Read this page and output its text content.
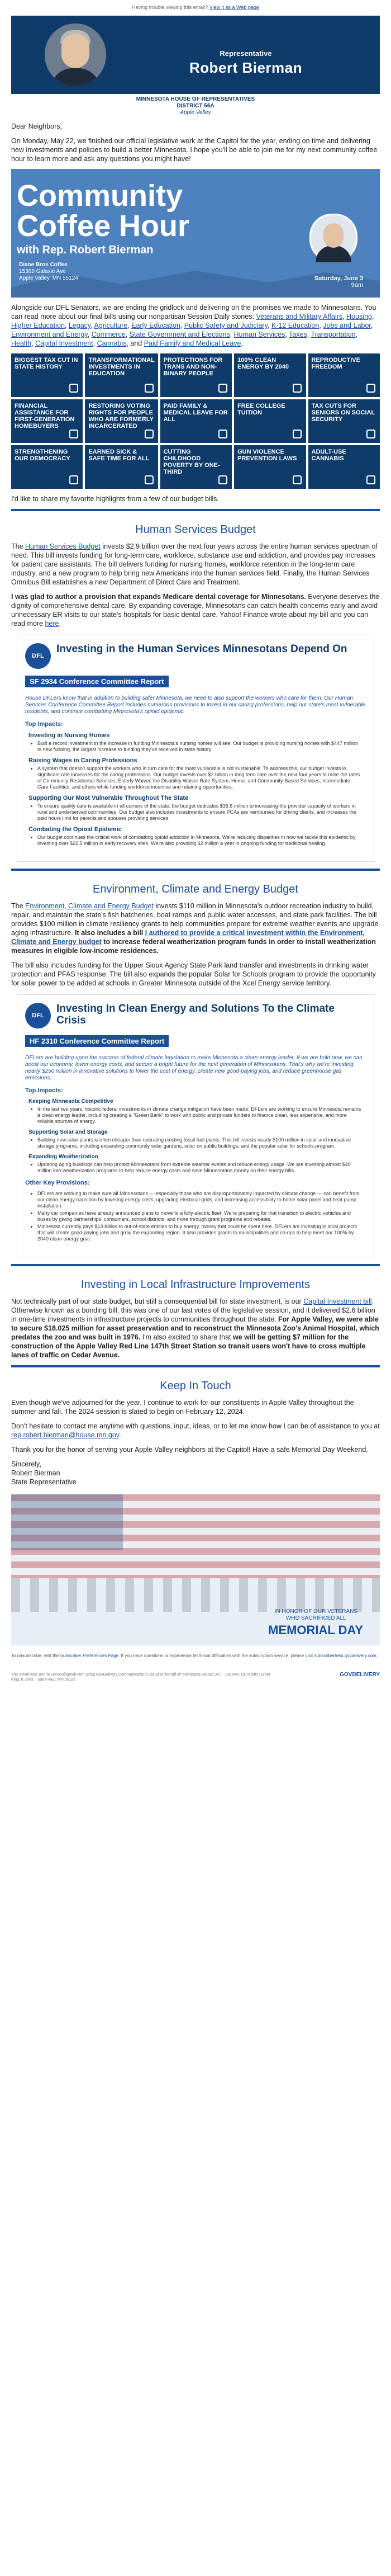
Having trouble viewing this email? View it as a Web page
Representative
Robert Bierman
MINNESOTA HOUSE OF REPRESENTATIVES
DISTRICT 56A
Apple Valley

Dear Neighbors,

On Monday, May 22, we finished our official legislative work at the Capitol for the year, ending on time and delivering new investments and policies to build a better Minnesota. I hope you'll be able to join me for my next community coffee hour to learn more and ask any questions you might have!

Community
Coffee Hour
with Rep. Robert Bierman
Diane Bros Coffee
15365 Galaxie Ave
Apple Valley, MN 55124	Saturday, June 3
9am

Alongside our DFL Senators, we are ending the gridlock and delivering on the promises we made to Minnesotans. You can read more about our final bills using our nonpartisan Session Daily stories: Veterans and Military Affairs, Housing, Higher Education, Legacy, Agriculture, Early Education, Public Safety and Judiciary, K-12 Education, Jobs and Labor, Environment and Energy, Commerce, State Government and Elections, Human Services, Taxes, Transportation, Health, Capital Investment, Cannabis, and Paid Family and Medical Leave.

BIGGEST TAX CUT IN STATE HISTORY
TRANSFORMATIONAL INVESTMENTS IN EDUCATION
PROTECTIONS FOR TRANS AND NON-BINARY PEOPLE
100% CLEAN ENERGY BY 2040
REPRODUCTIVE FREEDOM
FINANCIAL ASSISTANCE FOR FIRST-GENERATION HOMEBUYERS
RESTORING VOTING RIGHTS FOR PEOPLE WHO ARE FORMERLY INCARCERATED
PAID FAMILY & MEDICAL LEAVE FOR ALL
FREE COLLEGE TUITION
TAX CUTS FOR SENIORS ON SOCIAL SECURITY
STRENGTHENING OUR DEMOCRACY
EARNED SICK & SAFE TIME FOR ALL
CUTTING CHILDHOOD POVERTY BY ONE-THIRD
GUN VIOLENCE PREVENTION LAWS
ADULT-USE CANNABIS

I'd like to share my favorite highlights from a few of our budget bills.

Human Services Budget

The Human Services Budget invests $2.9 billion over the next four years across the entire human services spectrum of need. This bill invests funding for long-term care, workforce, substance use and addiction, and provides pay increases for patient care assistants. The bill delivers funding for nursing homes, workforce retention in the long-term care industry, and a new program to help bring new Americans into the human services field. Finally, the Human Services Omnibus Bill establishes a new Department of Direct Care and Treatment.

I was glad to author a provision that expands Medicare dental coverage for Minnesotans. Everyone deserves the dignity of comprehensive dental care. By expanding coverage, Minnesotans can catch health concerns early and avoid unnecessary ER visits to our state's hospitals for basic dental care. Yahoo! Finance wrote about my bill and you can read more here.

DFL
Investing in the Human Services Minnesotans Depend On
SF 2934 Conference Committee Report
House DFLers know that in addition to building safer Minnesota, we need to also support the workers who care for them. Our Human Services Conference Committee Report includes numerous provisions to invest in our caring professions, help our state's most vulnerable residents, and continue combatting Minnesota's opioid epidemic.
Top Impacts:
Investing in Nursing Homes
• Built a record investment in the increase in funding Minnesota's nursing homes will see. Our budget is providing nursing homes with $447 million in new funding, the largest increase to funding they've received in state history.
Raising Wages in Caring Professions
• A system that doesn't support the workers who in turn care for the most vulnerable is not sustainable. To address this, our budget invests in significant rate increases for the caring professions. Our budget invests over $2 billion in long term care over the next four years to raise the rates of Community Residential Services, Elderly Waiver, the Disability Waiver Rate System, Home- and Community-Based Services, Intermediate Care Facilities, and others while funding workforce incentive and retaining opportunities.
Supporting Our Most Vulnerable Throughout The State
• To ensure quality care is available in all corners of the state, the budget dedicates $36.6 million to increasing the provider capacity of workers in rural and underserved communities. Our budget also includes investments to ensure PCAs are reimbursed for driving clients, and increases the paid hours limit for parents and spouses providing services.
Combating the Opioid Epidemic
• Our budget continues the critical work of combatting opioid addiction in Minnesota. We're reducing disparities in how we tackle this epidemic by investing over $22.5 million in early recovery sites. We're also providing $2 million a year in ongoing funding for traditional healing.
Environment, Climate and Energy Budget

The Environment, Climate and Energy Budget invests $110 million in Minnesota's outdoor recreation industry to build, repair, and maintain the state's fish hatcheries, boat ramps and public water accesses, and state park facilities. The bill provides $100 million in climate resiliency grants to help communities prepare for extreme weather events and upgrade aging infrastructure. It also includes a bill I authored to provide a critical investment within the Environment, Climate and Energy budget to increase federal weatherization program funds in order to install weatherization measures in eligible low-income residences.

The bill also includes funding for the Upper Sioux Agency State Park land transfer and investments in drinking water protection and PFAS response. The bill also expands the popular Solar for Schools program to provide the opportunity for solar power to be added at schools in Greater Minnesota outside of the Xcel Energy service territory.

DFL
Investing In Clean Energy and Solutions To the Climate Crisis
HF 2310 Conference Committee Report
DFLers are building upon the success of federal climate legislation to make Minnesota a clean-energy leader. If we are bold now, we can boost our economy, lower energy costs, and secure a bright future for the next generation of Minnesotans. That's why we're investing nearly $250 million in innovative solutions to lower the cost of energy, create new good-paying jobs, and reduce greenhouse gas emissions.
Top Impacts:
Keeping Minnesota Competitive
• In the last two years, historic federal investments in climate change mitigation have been made. DFLers are working to ensure Minnesota remains a clean energy leader, including creating a "Green Bank" to work with public and private funders to finance clean, less expensive, and more reliable sources of energy.
Supporting Solar and Storage
• Building new solar plants is often cheaper than operating existing fossil fuel plants. This bill invests nearly $100 million in solar and innovative storage programs, including expanding community solar gardens, solar on public buildings, and the popular solar for schools program.
Expanding Weatherization
• Updating aging buildings can help protect Minnesotans from extreme weather events and reduce energy usage. We are investing almost $40 million into weatherization programs to help reduce energy costs and save Minnesotans money on their energy bills.
Other Key Provisions:
• DFLers are working to make sure all Minnesotans — especially those who are disproportionately impacted by climate change — can benefit from our clean energy transition by lowering energy costs, upgrading electrical grids, and increasing accessibility to home solar panel and heat pump installation.
• Many car companies have already announced plans to move to a fully electric fleet. We're preparing for that transition to electric vehicles and buses by giving partnerships, consumers, school districts, and more through grant programs and rebates.
• Minnesota currently pays $13 billion to out-of-state entities to buy energy, money that could be spent here. DFLers are investing in local projects that will create good-paying jobs and grow the expanding region. It also provides grants to municipalities and co-ops to help meet our 100% by 2040 clean energy goal.
Investing in Local Infrastructure Improvements

Not technically part of our state budget, but still a consequential bill for state investment, is our Capital Investment bill. Otherwise known as a bonding bill, this was one of our last votes of the legislative session, and it delivered $2.6 billion in one-time investments in infrastructure projects to communities throughout the state. For Apple Valley, we were able to secure $18.025 million for asset preservation and to reconstruct the Minnesota Zoo's Animal Hospital, which predates the zoo and was built in 1976. I'm also excited to share that we will be getting $7 million for the construction of the Apple Valley Red Line 147th Street Station so transit users won't have to cross multiple lanes of traffic on Cedar Avenue.

Keep In Touch

Even though we've adjourned for the year, I continue to work for our constituents in Apple Valley throughout the summer and fall. The 2024 session is slated to begin on February 12, 2024.

Don't hesitate to contact me anytime with questions, input, ideas, or to let me know how I can be of assistance to you at rep.robert.bierman@house.mn.gov.

Thank you for the honor of serving your Apple Valley neighbors at the Capitol! Have a safe Memorial Day Weekend.

Sincerely,
Robert Bierman
State Representative

IN HONOR OF OUR VETERANS
WHO SACRIFICED ALL
MEMORIAL DAY
To unsubscribe, visit the Subscriber Preferences Page. If you have questions or experience technical difficulties with the subscription service, please visit subscriberhelp.govdelivery.com.
This email was sent to xxxxxx@gmail.com using GovDelivery Communications Cloud on behalf of: Minnesota House DFL · 100 Rev. Dr. Martin Luther King Jr. Blvd. · Saint Paul, MN 55155
GOVDELIVERY
